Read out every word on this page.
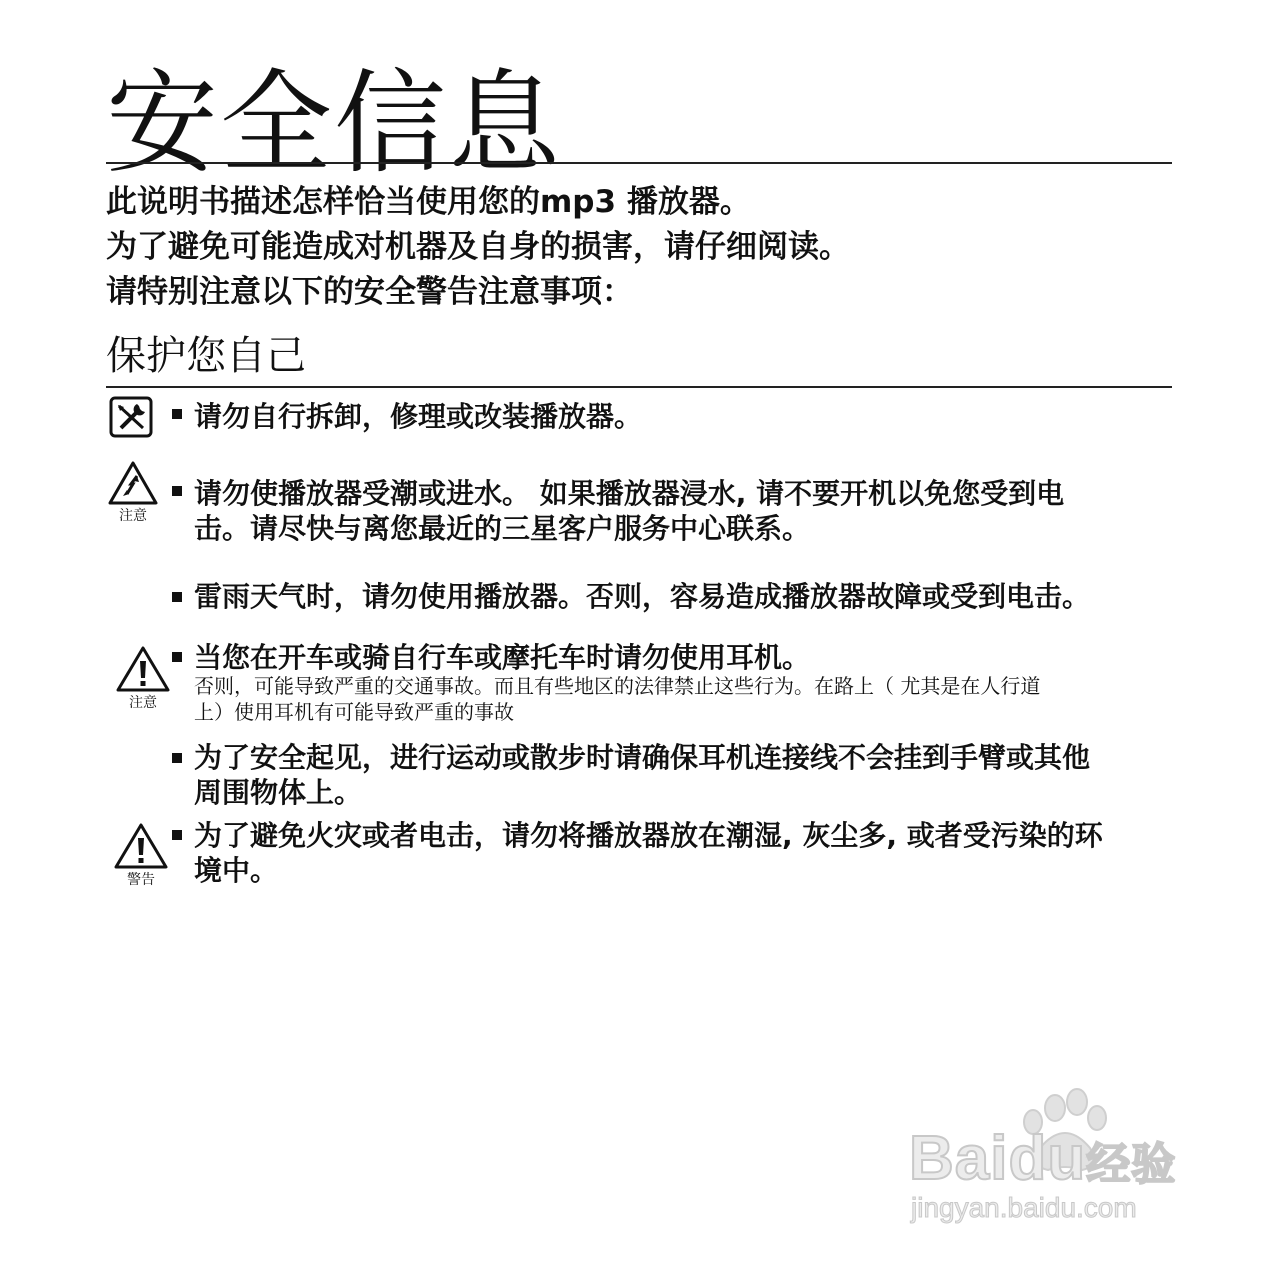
安全信息
此说明书描述怎样恰当使用您的mp3 播放器。
为了避免可能造成对机器及自身的损害，请仔细阅读。
请特别注意以下的安全警告注意事项：
保护您自己
请勿自行拆卸，修理或改装播放器。
注意
请勿使播放器受潮或进水。 如果播放器浸水, 请不要开机以免您受到电
击。请尽快与离您最近的三星客户服务中心联系。
雷雨天气时，请勿使用播放器。否则，容易造成播放器故障或受到电击。
注意
当您在开车或骑自行车或摩托车时请勿使用耳机。
否则，可能导致严重的交通事故。而且有些地区的法律禁止这些行为。在路上（ 尤其是在人行道
上）使用耳机有可能导致严重的事故
为了安全起见，进行运动或散步时请确保耳机连接线不会挂到手臂或其他
周围物体上。
警告
为了避免火灾或者电击，请勿将播放器放在潮湿, 灰尘多, 或者受污染的环
境中。
Baidu经验
jingyan.baidu.com
